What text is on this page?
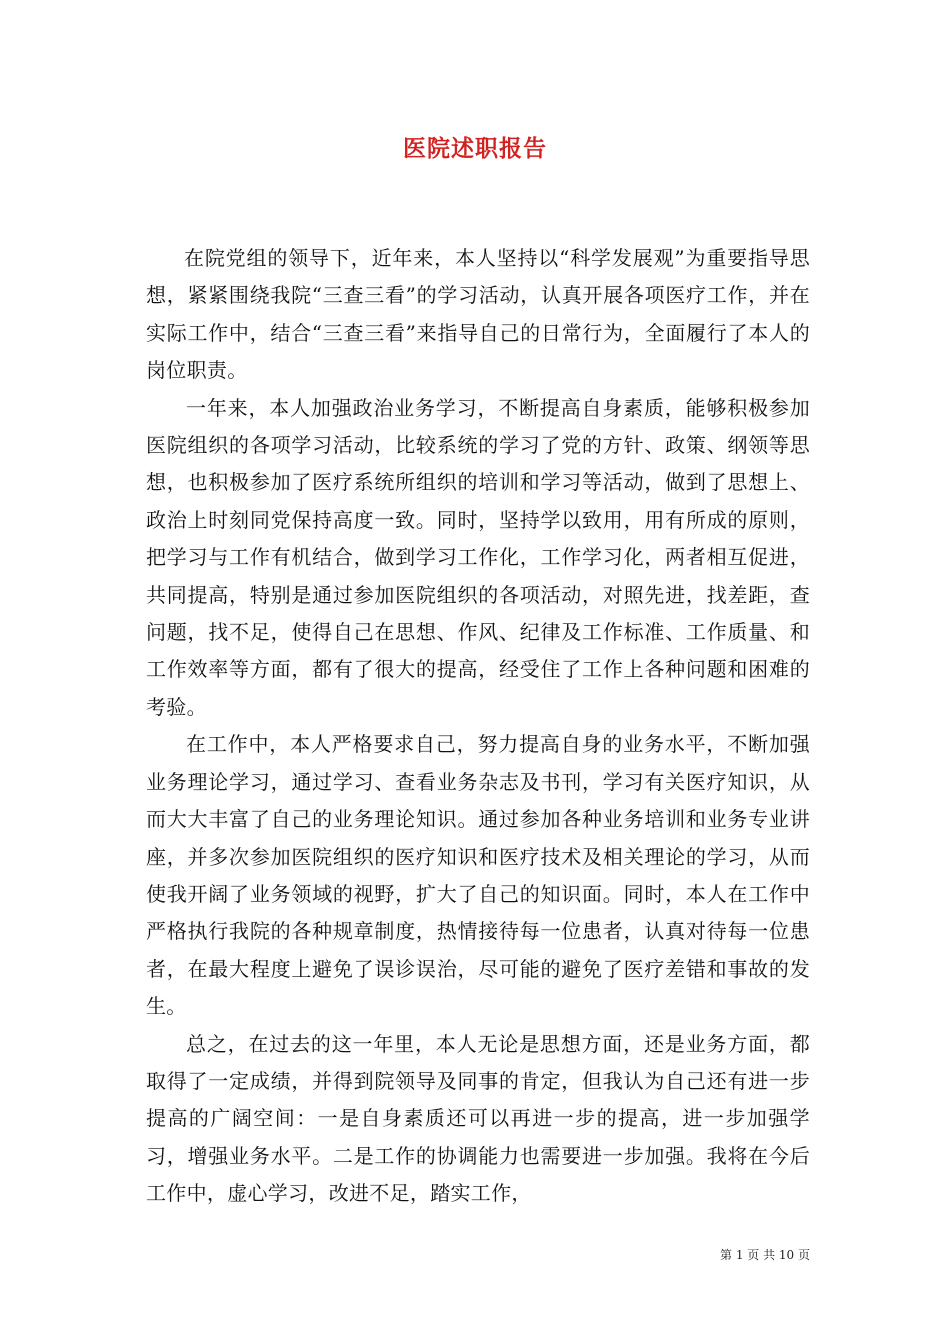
医院述职报告

在院党组的领导下，近年来，本人坚持以“科学发展观”为重要指导思想，紧紧围绕我院“三查三看”的学习活动，认真开展各项医疗工作，并在实际工作中，结合“三查三看”来指导自己的日常行为，全面履行了本人的岗位职责。

一年来，本人加强政治业务学习，不断提高自身素质，能够积极参加医院组织的各项学习活动，比较系统的学习了党的方针、政策、纲领等思想，也积极参加了医疗系统所组织的培训和学习等活动，做到了思想上、政治上时刻同党保持高度一致。同时，坚持学以致用，用有所成的原则，把学习与工作有机结合，做到学习工作化，工作学习化，两者相互促进，共同提高，特别是通过参加医院组织的各项活动，对照先进，找差距，查问题，找不足，使得自己在思想、作风、纪律及工作标准、工作质量、和工作效率等方面，都有了很大的提高，经受住了工作上各种问题和困难的考验。

在工作中，本人严格要求自己，努力提高自身的业务水平，不断加强业务理论学习，通过学习、查看业务杂志及书刊，学习有关医疗知识，从而大大丰富了自己的业务理论知识。通过参加各种业务培训和业务专业讲座，并多次参加医院组织的医疗知识和医疗技术及相关理论的学习，从而使我开阔了业务领域的视野，扩大了自己的知识面。同时，本人在工作中严格执行我院的各种规章制度，热情接待每一位患者，认真对待每一位患者，在最大程度上避免了误诊误治，尽可能的避免了医疗差错和事故的发生。

总之，在过去的这一年里，本人无论是思想方面，还是业务方面，都取得了一定成绩，并得到院领导及同事的肯定，但我认为自己还有进一步提高的广阔空间：一是自身素质还可以再进一步的提高，进一步加强学习，增强业务水平。二是工作的协调能力也需要进一步加强。我将在今后工作中，虚心学习，改进不足，踏实工作，

第 1 页 共 10 页
